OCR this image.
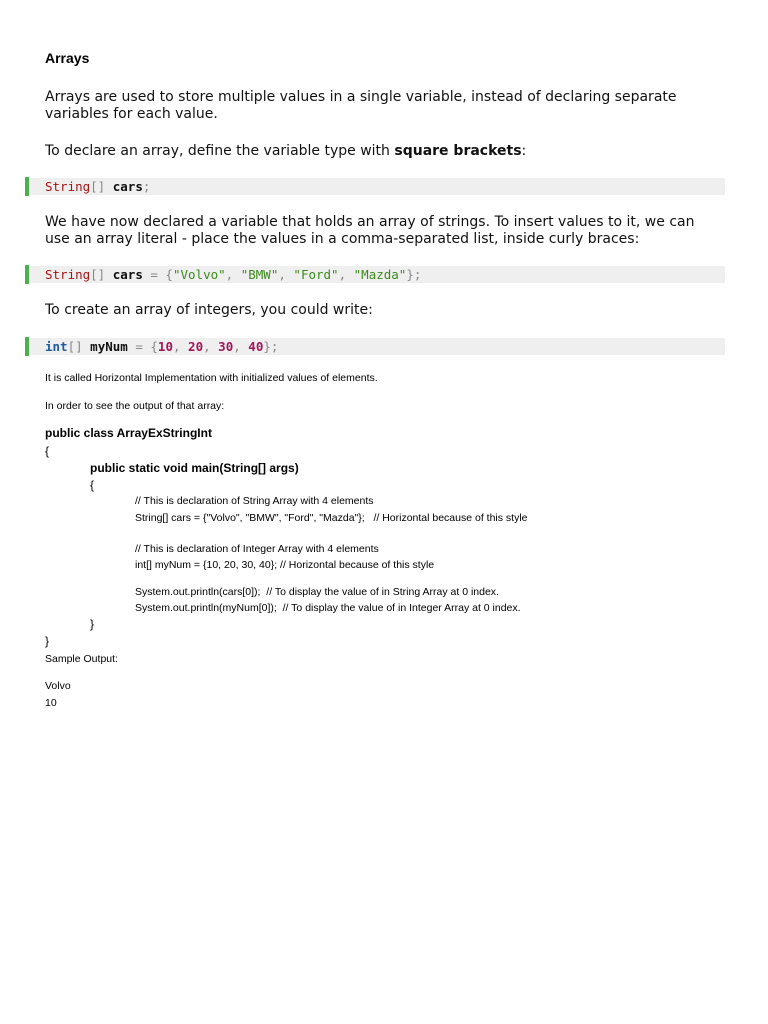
Arrays
Arrays are used to store multiple values in a single variable, instead of declaring separate variables for each value.
To declare an array, define the variable type with square brackets:
String[] cars;
We have now declared a variable that holds an array of strings. To insert values to it, we can use an array literal - place the values in a comma-separated list, inside curly braces:
String[] cars = {"Volvo", "BMW", "Ford", "Mazda"};
To create an array of integers, you could write:
int[] myNum = {10, 20, 30, 40};
It is called Horizontal Implementation with initialized values of elements.
In order to see the output of that array:
public class ArrayExStringInt
{
public static void main(String[] args)
{
// This is declaration of String Array with 4 elements
String[] cars = {"Volvo", "BMW", "Ford", "Mazda"};   // Horizontal because of this style
// This is declaration of Integer Array with 4 elements
int[] myNum = {10, 20, 30, 40}; // Horizontal because of this style
System.out.println(cars[0]);  // To display the value of in String Array at 0 index.
System.out.println(myNum[0]);  // To display the value of in Integer Array at 0 index.
}
}
Sample Output:
Volvo
10
